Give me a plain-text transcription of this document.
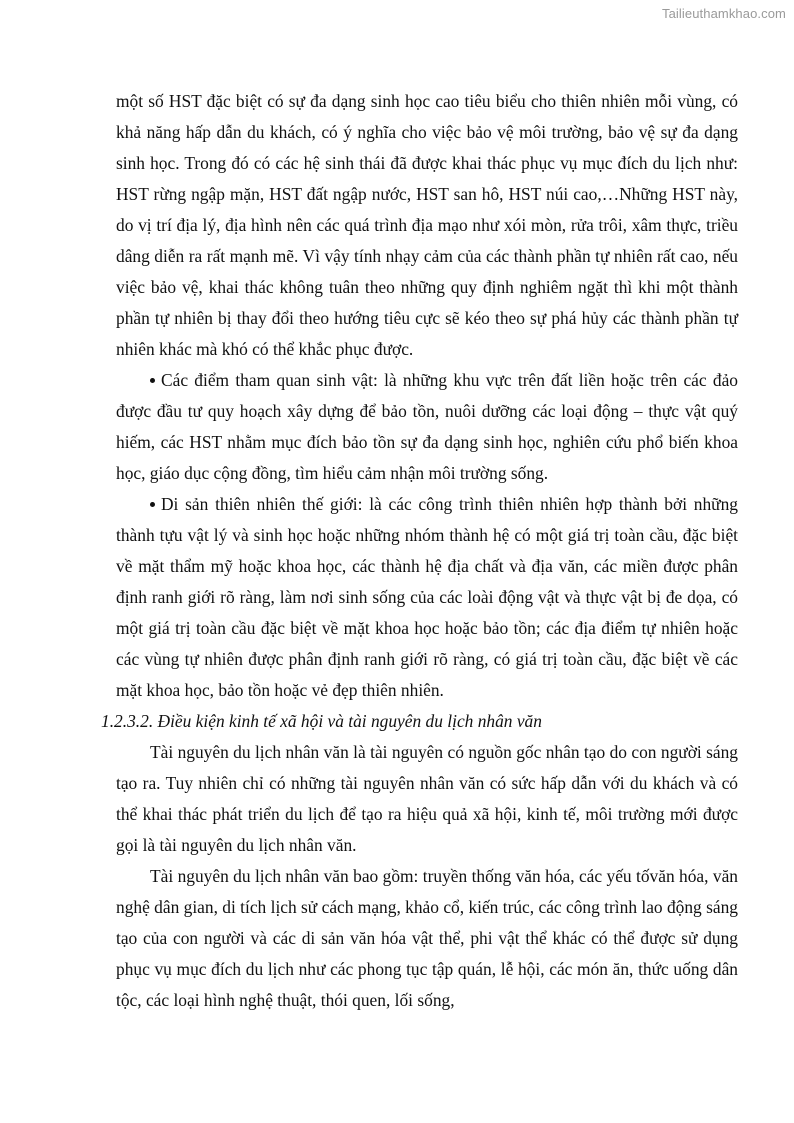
Tailieuthamkhao.com

một số HST đặc biệt có sự đa dạng sinh học cao tiêu biểu cho thiên nhiên mỗi vùng, có khả năng hấp dẫn du khách, có ý nghĩa cho việc bảo vệ môi trường, bảo vệ sự đa dạng sinh học. Trong đó có các hệ sinh thái đã được khai thác phục vụ mục đích du lịch như: HST rừng ngập mặn, HST đất ngập nước, HST san hô, HST núi cao,…Những HST này, do vị trí địa lý, địa hình nên các quá trình địa mạo như xói mòn, rửa trôi, xâm thực, triều dâng diễn ra rất mạnh mẽ. Vì vậy tính nhạy cảm của các thành phần tự nhiên rất cao, nếu việc bảo vệ, khai thác không tuân theo những quy định nghiêm ngặt thì khi một thành phần tự nhiên bị thay đổi theo hướng tiêu cực sẽ kéo theo sự phá hủy các thành phần tự nhiên khác mà khó có thể khắc phục được.

Các điểm tham quan sinh vật: là những khu vực trên đất liền hoặc trên các đảo được đầu tư quy hoạch xây dựng để bảo tồn, nuôi dưỡng các loại động – thực vật quý hiếm, các HST nhằm mục đích bảo tồn sự đa dạng sinh học, nghiên cứu phổ biến khoa học, giáo dục cộng đồng, tìm hiểu cảm nhận môi trường sống.

Di sản thiên nhiên thế giới: là các công trình thiên nhiên hợp thành bởi những thành tựu vật lý và sinh học hoặc những nhóm thành hệ có một giá trị toàn cầu, đặc biệt về mặt thẩm mỹ hoặc khoa học, các thành hệ địa chất và địa văn, các miền được phân định ranh giới rõ ràng, làm nơi sinh sống của các loài động vật và thực vật bị đe dọa, có một giá trị toàn cầu đặc biệt về mặt khoa học hoặc bảo tồn; các địa điểm tự nhiên hoặc các vùng tự nhiên được phân định ranh giới rõ ràng, có giá trị toàn cầu, đặc biệt về các mặt khoa học, bảo tồn hoặc vẻ đẹp thiên nhiên.

1.2.3.2. Điều kiện kinh tế xã hội và tài nguyên du lịch nhân văn

Tài nguyên du lịch nhân văn là tài nguyên có nguồn gốc nhân tạo do con người sáng tạo ra. Tuy nhiên chỉ có những tài nguyên nhân văn có sức hấp dẫn với du khách và có thể khai thác phát triển du lịch để tạo ra hiệu quả xã hội, kinh tế, môi trường mới được gọi là tài nguyên du lịch nhân văn.

Tài nguyên du lịch nhân văn bao gồm: truyền thống văn hóa, các yếu tốvăn hóa, văn nghệ dân gian, di tích lịch sử cách mạng, khảo cổ, kiến trúc, các công trình lao động sáng tạo của con người và các di sản văn hóa vật thể, phi vật thể khác có thể được sử dụng phục vụ mục đích du lịch như các phong tục tập quán, lễ hội, các món ăn, thức uống dân tộc, các loại hình nghệ thuật, thói quen, lối sống,
